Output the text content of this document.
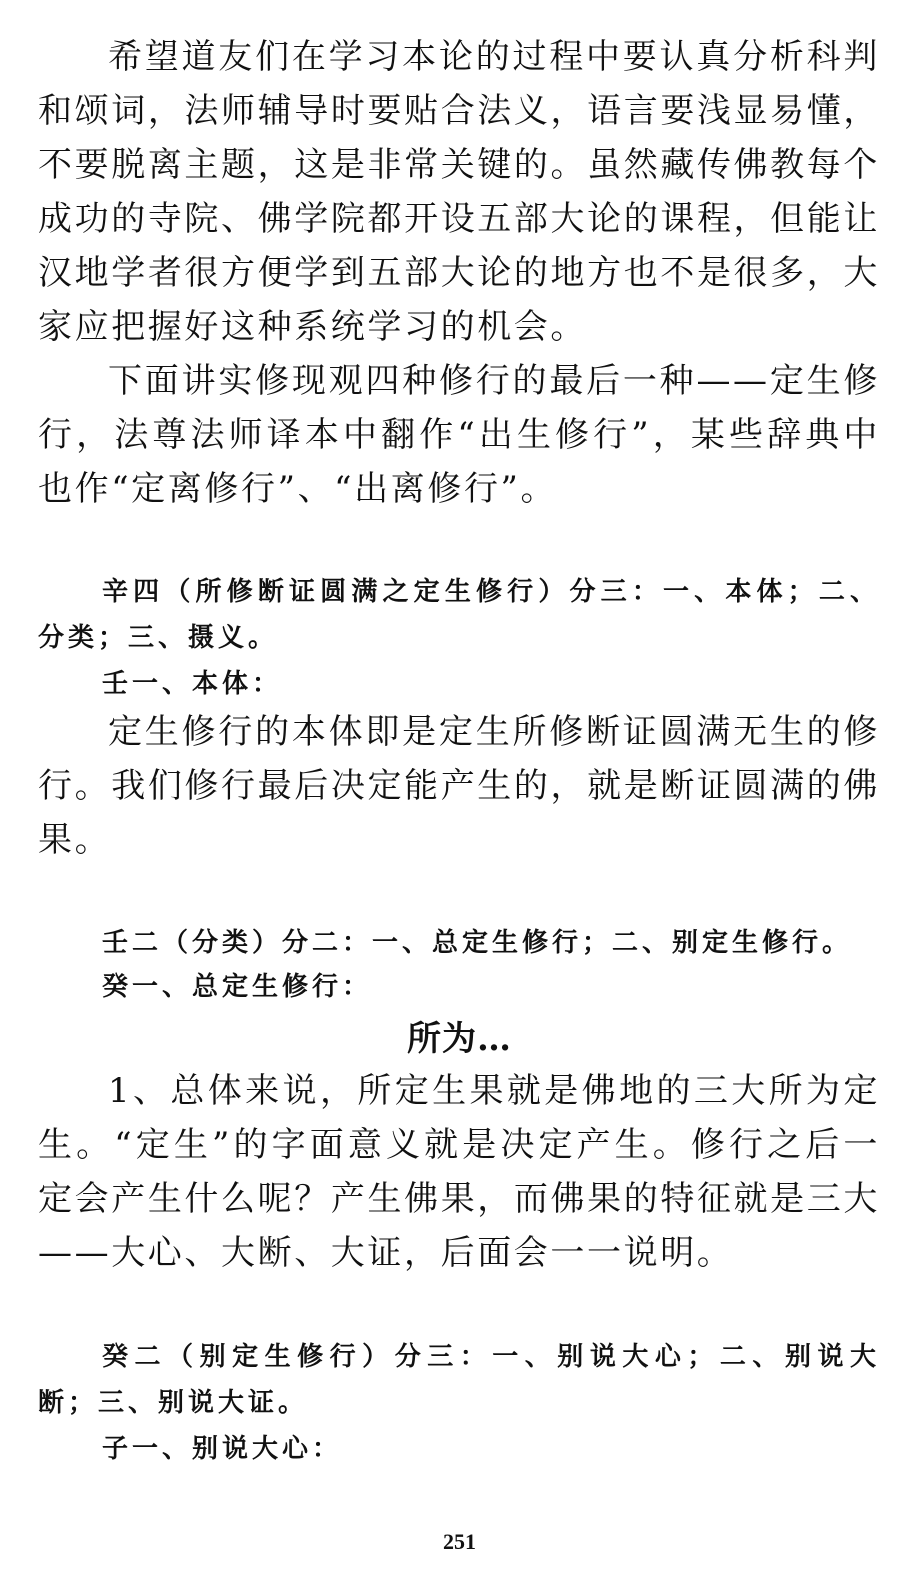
希望道友们在学习本论的过程中要认真分析科判和颂词，法师辅导时要贴合法义，语言要浅显易懂，不要脱离主题，这是非常关键的。虽然藏传佛教每个成功的寺院、佛学院都开设五部大论的课程，但能让汉地学者很方便学到五部大论的地方也不是很多，大家应把握好这种系统学习的机会。

下面讲实修现观四种修行的最后一种——定生修行，法尊法师译本中翻作“出生修行”，某些辞典中也作“定离修行”、“出离修行”。

辛四（所修断证圆满之定生修行）分三：一、本体；二、分类；三、摄义。

壬一、本体：

定生修行的本体即是定生所修断证圆满无生的修行。我们修行最后决定能产生的，就是断证圆满的佛果。

壬二（分类）分二：一、总定生修行；二、别定生修行。

癸一、总定生修行：

所为…

1、总体来说，所定生果就是佛地的三大所为定生。“定生”的字面意义就是决定产生。修行之后一定会产生什么呢？产生佛果，而佛果的特征就是三大——大心、大断、大证，后面会一一说明。

癸二（别定生修行）分三：一、别说大心；二、别说大断；三、别说大证。

子一、别说大心：

251
